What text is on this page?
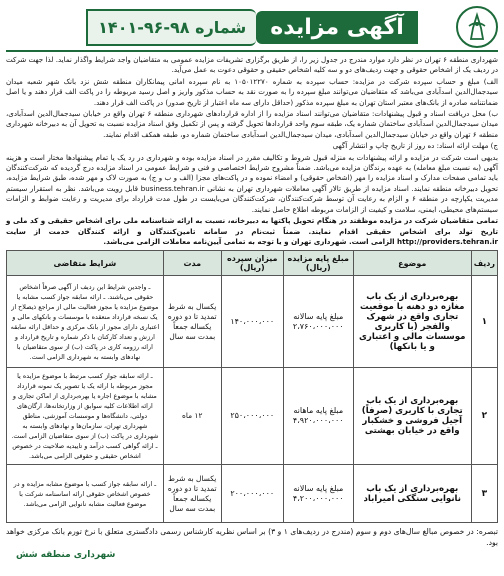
آگهی مزایده
شماره ۹۸-۹۶-۱۴۰۱

شهرداری منطقه ۶ تهران در نظر دارد موارد مندرج در جدول زیر را، از طریق برگزاری تشریفات مزایده عمومی به متقاضیان واجد شرایط واگذار نماید. لذا جهت شرکت در ردیف یک از اشخاص حقوقی و جهت ردیف‌های دو و سه کلیه اشخاص حقیقی و حقوقی دعوت به عمل می‌آید.

الف) مبلغ و حساب سپرده شرکت در مزایده: حساب سپرده به شماره ۱۰۵۰۱۲۲۷۰ به نام سپرده امانی پیمانکاران منطقه شش نزد بانک شهر شعبه میدان سیدجمال‌الدین اسدآبادی می‌باشد که متقاضیان می‌توانند مبلغ سپرده را به صورت نقد به حساب مذکور واریز و اصل رسید مربوطه را در پاکت الف قرار دهند و یا اصل ضمانتنامه صادره از بانک‌های معتبر استان تهران به مبلغ سپرده مذکور (حداقل دارای سه ماه اعتبار از تاریخ صدور) در پاکت الف قرار دهند.

ب) محل دریافت اسناد و قبول پیشنهادات: متقاضیان می‌توانند اسناد مزایده را از اداره قراردادهای شهرداری منطقه ۶ تهران واقع در خیابان سیدجمال‌الدین اسدآبادی، میدان سیدجمال‌الدین اسدآبادی ساختمان شماره یک، طبقه سوم واحد قراردادها تحویل گرفته و پس از تکمیل وفق اسناد مزایده نسبت به تحویل آن به دبیرخانه شهرداری منطقه ۶ تهران واقع در خیابان سیدجمال‌الدین اسدآبادی، میدان سیدجمال‌الدین اسدآبادی ساختمان شماره دو، طبقه همکف اقدام نمایند.

ج) مهلت ارائه اسناد: ده روز از تاریخ چاپ و انتشار آگهی

بدیهی است شرکت در مزایده و ارائه پیشنهادات به منزله قبول شروط و تکالیف مقرر در اسناد مزایده بوده و شهرداری در رد یک یا تمام پیشنهادها مختار است و هزینه آگهی (به نسبت مبلغ معامله) به عهده برندگان مزایده می‌باشد. ضمناً مشروح شرایط اختصاصی و فنی و شرایط عمومی در اسناد مزایده درج گردیده که شرکت‌کنندگان باید تمامی صفحات مدارک و اسناد مزایده را مهر (اشخاص حقوقی) و امضاء نموده و در پاکت‌های مجزا (الف و ب و ج) به صورت لاک و مهر شده، طبق شرایط مزایده، تحویل دبیرخانه منطقه نمایند. اسناد مزایده از طریق تالار آگهی معاملات شهرداری تهران به نشانی business.tehran.ir قابل رویت می‌باشد. نظر به استقرار سیستم مدیریت یکپارچه در منطقه ۶ و الزام به رعایت آن توسط شرکت‌کنندگان، شرکت‌کنندگان می‌بایست در طول مدت قرارداد برای مدیریت و رعایت ضوابط و الزامات سیستم‌های محیطی، ایمنی، سلامت و کیفیت از الزامات مربوطه اطلاع حاصل نمایند.

تمامی متقاضیان شرکت در مزایده موظفند در هنگام تحویل پاکتها به دبیرخانه، نسبت به ارائه شناسنامه ملی برای اشخاص حقیقی و کد ملی و تاریخ تولد برای اشخاص حقیقی اقدام نمایند. ضمناً ثبت‌نام در سامانه تامین‌کنندگان و ارائه کنندگان خدمت از سایت http://providers.tehran.ir الزامی است. شهرداری تهران و یا توجه به تمامی آیین‌نامه معاملات الزامی می‌باشد.

ردیف	موضوع	مبلغ پایه مزایده (ریال)	میزان سپرده (ریال)	مدت	شرایط متقاضی
۱	بهره‌برداری از یک باب مغازه دو دهنه با موقعیت تجاری واقع در شهرک والفجر (با کاربری موسسات مالی و اعتباری و یا بانکها)	مبلغ پایه سالانه ۲،۷۶۰،۰۰۰،۰۰۰	۱۴۰،۰۰۰،۰۰۰	یکسال به شرط تمدید تا دو دوره یکساله جمعاً بمدت سه سال	ـ واجدین شرایط این ردیف از آگهی صرفاً اشخاص حقوقی می‌باشند. ـ ارائه سابقه جواز کسب مشابه یا موضوع مزایده یا مجوز فعالیت مالی از مراجع ذیصلاح از یک نسخه قرارداد منعقده با موسسات و بانکهای مالی و اعتباری دارای مجوز از بانک مرکزی و حداقل ارائه سابقه ارزش و تعداد کارکنان با ذکر شماره و تاریخ قرارداد و ارائه رزومه کاری در پاکت (ب) از سوی متقاضیان با نهادهای وابسته به شهرداری الزامی است.
۲	بهره‌برداری از یک باب تجاری با کاربری (صرفاً) آجیل فروشی و خشکبار واقع در خیابان بهشتی	مبلغ پایه ماهانه ۴،۹۲۰،۰۰۰،۰۰۰	۲۵۰،۰۰۰،۰۰۰	۱۲ ماه	ـ ارائه سابقه جواز کسب مرتبط با موضوع مزایده یا مجوز مربوطه با ارائه یک یا تصویر یک نمونه قرارداد مشابه با موضوع اجاره یا بهره‌برداری از اماکن تجاری و ارائه اطلاعات کلیه سوابق از وزارتخانه‌ها، ارگان‌های دولتی، دانشگاه‌ها و موسسات آموزشی، مناطق شهرداری تهران، سازمان‌ها و نهادهای وابسته به شهرداری در پاکت (ب) از سوی متقاضیان الزامی است. ـ ارائه گواهی کسب درآمد و تاییدیه صلاحیت در خصوص اشخاص حقیقی و حقوقی الزامی می‌باشد.
۳	بهره‌برداری از یک باب نانوایی سنگکی امیراباد	مبلغ پایه سالانه ۴،۲۰۰،۰۰۰،۰۰۰	۲۰۰،۰۰۰،۰۰۰	یکسال به شرط تمدید تا دو دوره یکساله جمعاً بمدت سه سال	ـ ارائه سابقه جواز کسب با موضوع مشابه مزایده و در خصوص اشخاص حقوقی ارائه اساسنامه شرکت با موضوع فعالیت مشابه نانوایی الزامی می‌باشد.
تبصره: در خصوص مبالغ سال‌های دوم و سوم (مندرج در ردیف‌های ۱ و ۳) بر اساس نظریه کارشناس رسمی دادگستری متعلق با نرخ تورم بانک مرکزی خواهد بود.
شهرداری منطقه شش
